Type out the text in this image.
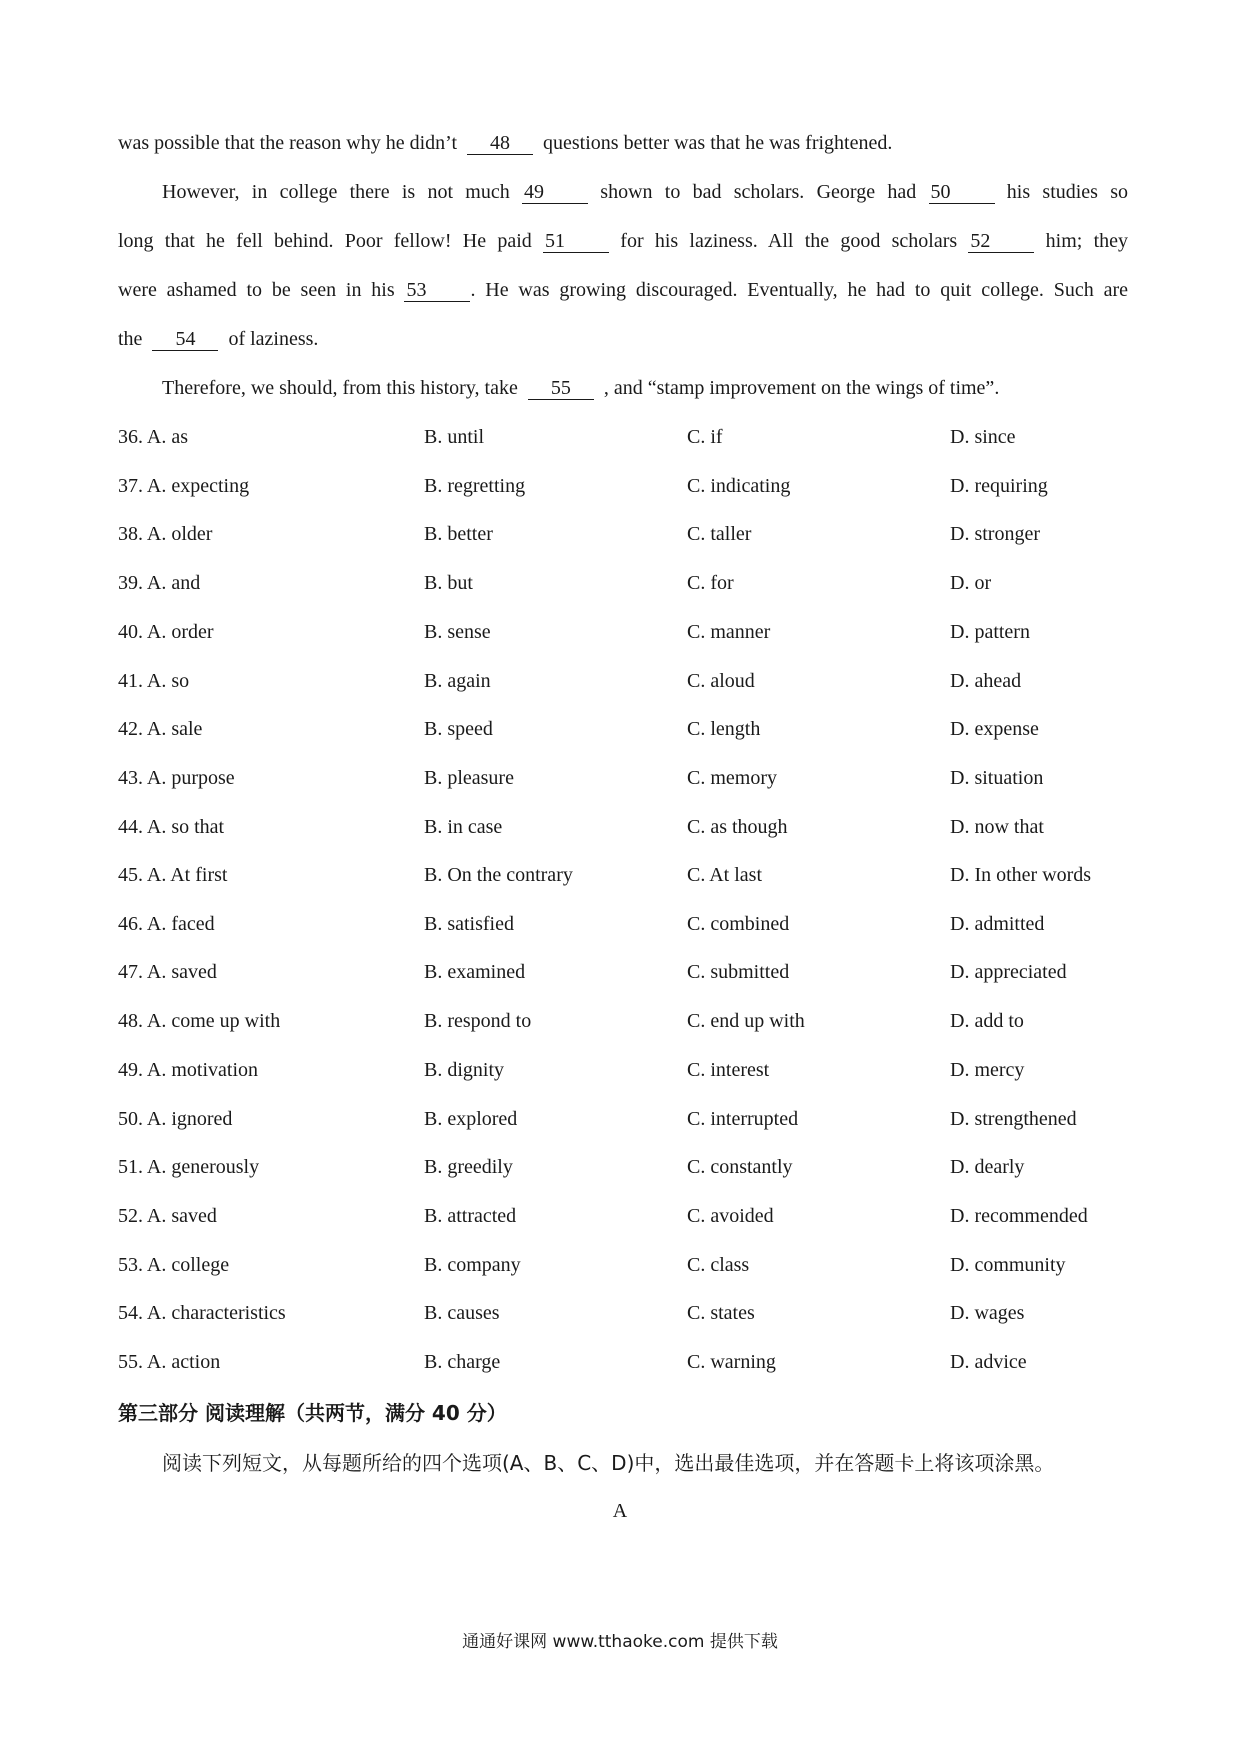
was possible that the reason why he didn’t 48 questions better was that he was frightened.
However, in college there is not much 49	shown to bad scholars. George had 50	his studies so
long that he fell behind. Poor fellow! He paid 51	for his laziness. All the good scholars 52	him; they
were ashamed to be seen in his 53 . He was growing discouraged. Eventually, he had to quit college. Such are
the 54 of laziness.
Therefore, we should, from this history, take 55 , and “stamp improvement on the wings of time”.
36. A. as	B. until	C. if	D. since
37. A. expecting	B. regretting	C. indicating	D. requiring
38. A. older	B. better	C. taller	D. stronger
39. A. and	B. but	C. for	D. or
40. A. order	B. sense	C. manner	D. pattern
41. A. so	B. again	C. aloud	D. ahead
42. A. sale	B. speed	C. length	D. expense
43. A. purpose	B. pleasure	C. memory	D. situation
44. A. so that	B. in case	C. as though	D. now that
45. A. At first	B. On the contrary	C. At last	D. In other words
46. A. faced	B. satisfied	C. combined	D. admitted
47. A. saved	B. examined	C. submitted	D. appreciated
48. A. come up with	B. respond to	C. end up with	D. add to
49. A. motivation	B. dignity	C. interest	D. mercy
50. A. ignored	B. explored	C. interrupted	D. strengthened
51. A. generously	B. greedily	C. constantly	D. dearly
52. A. saved	B. attracted	C. avoided	D. recommended
53. A. college	B. company	C. class	D. community
54. A. characteristics	B. causes	C. states	D. wages
55. A. action	B. charge	C. warning	D. advice
第三部分 阅读理解（共两节，满分 40 分）
阅读下列短文，从每题所给的四个选项(A、B、C、D)中，选出最佳选项，并在答题卡上将该项涂黑。
A
通通好课网 www.tthaoke.com 提供下载
